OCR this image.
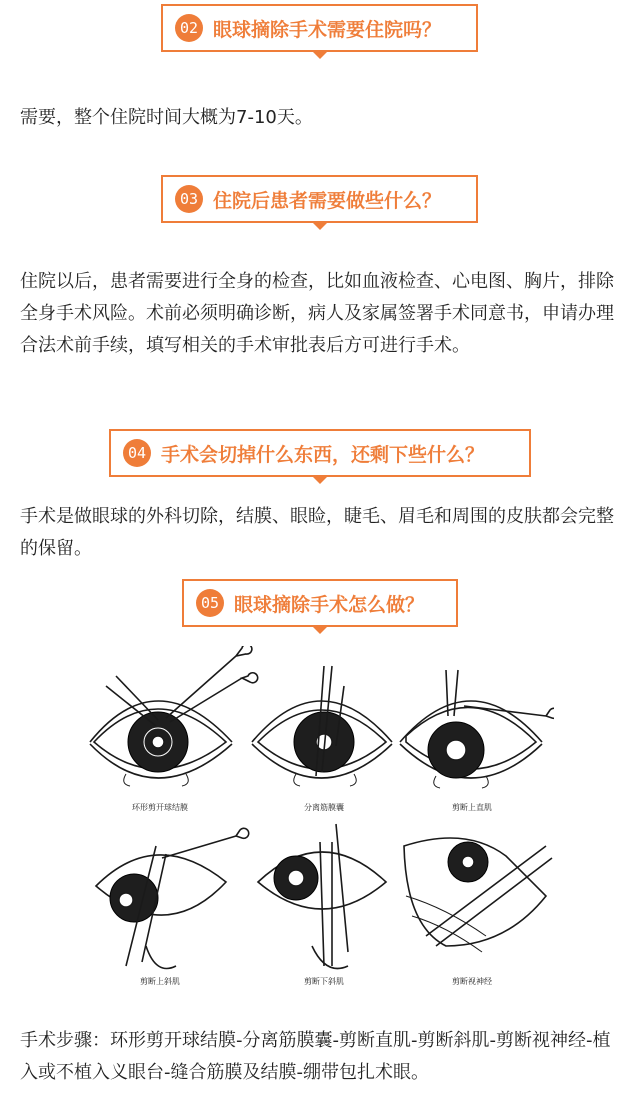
02 眼球摘除手术需要住院吗？
需要，整个住院时间大概为7-10天。
03 住院后患者需要做些什么？
住院以后，患者需要进行全身的检查，比如血液检查、心电图、胸片，排除全身手术风险。术前必须明确诊断，病人及家属签署手术同意书，申请办理合法术前手续，填写相关的手术审批表后方可进行手术。
04 手术会切掉什么东西，还剩下些什么？
手术是做眼球的外科切除，结膜、眼睑，睫毛、眉毛和周围的皮肤都会完整的保留。
05 眼球摘除手术怎么做？
环形剪开球结膜	分离筋膜囊	剪断上直肌
剪断上斜肌	剪断下斜肌	剪断视神经
手术步骤：环形剪开球结膜-分离筋膜囊-剪断直肌-剪断斜肌-剪断视神经-植入或不植入义眼台-缝合筋膜及结膜-绷带包扎术眼。
